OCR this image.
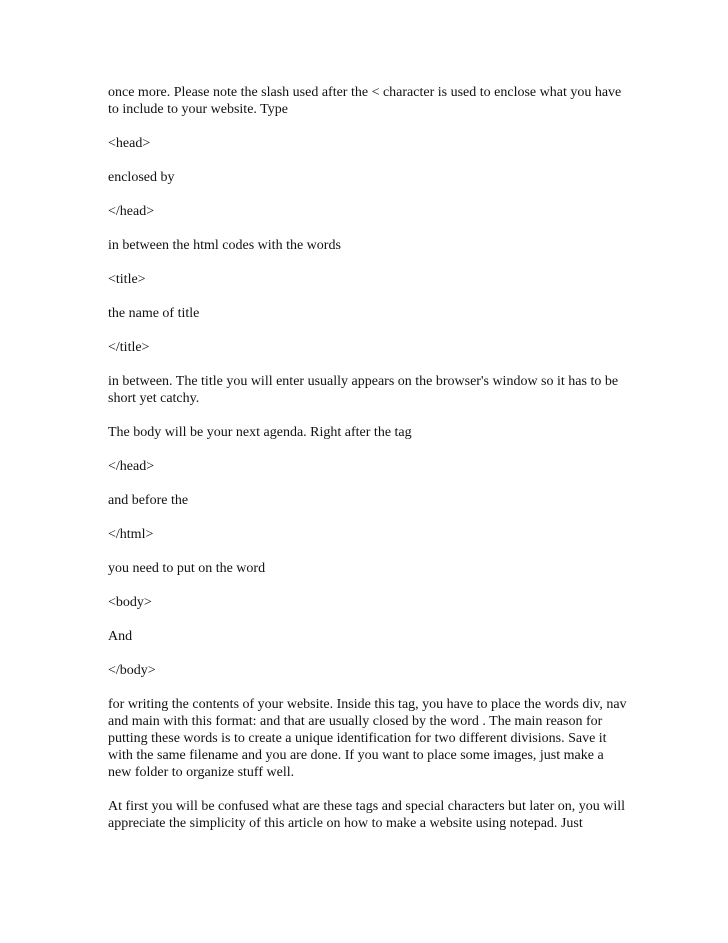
once more. Please note the slash used after the < character is used to enclose what you have to include to your website. Type

<head>

enclosed by

</head>

in between the html codes with the words

<title>

the name of title

</title>

in between. The title you will enter usually appears on the browser's window so it has to be short yet catchy.

The body will be your next agenda. Right after the tag

</head>

and before the

</html>

you need to put on the word

<body>

And

</body>

for writing the contents of your website. Inside this tag, you have to place the words div, nav and main with this format: and that are usually closed by the word . The main reason for putting these words is to create a unique identification for two different divisions. Save it with the same filename and you are done. If you want to place some images, just make a new folder to organize stuff well.

At first you will be confused what are these tags and special characters but later on, you will appreciate the simplicity of this article on how to make a website using notepad. Just
